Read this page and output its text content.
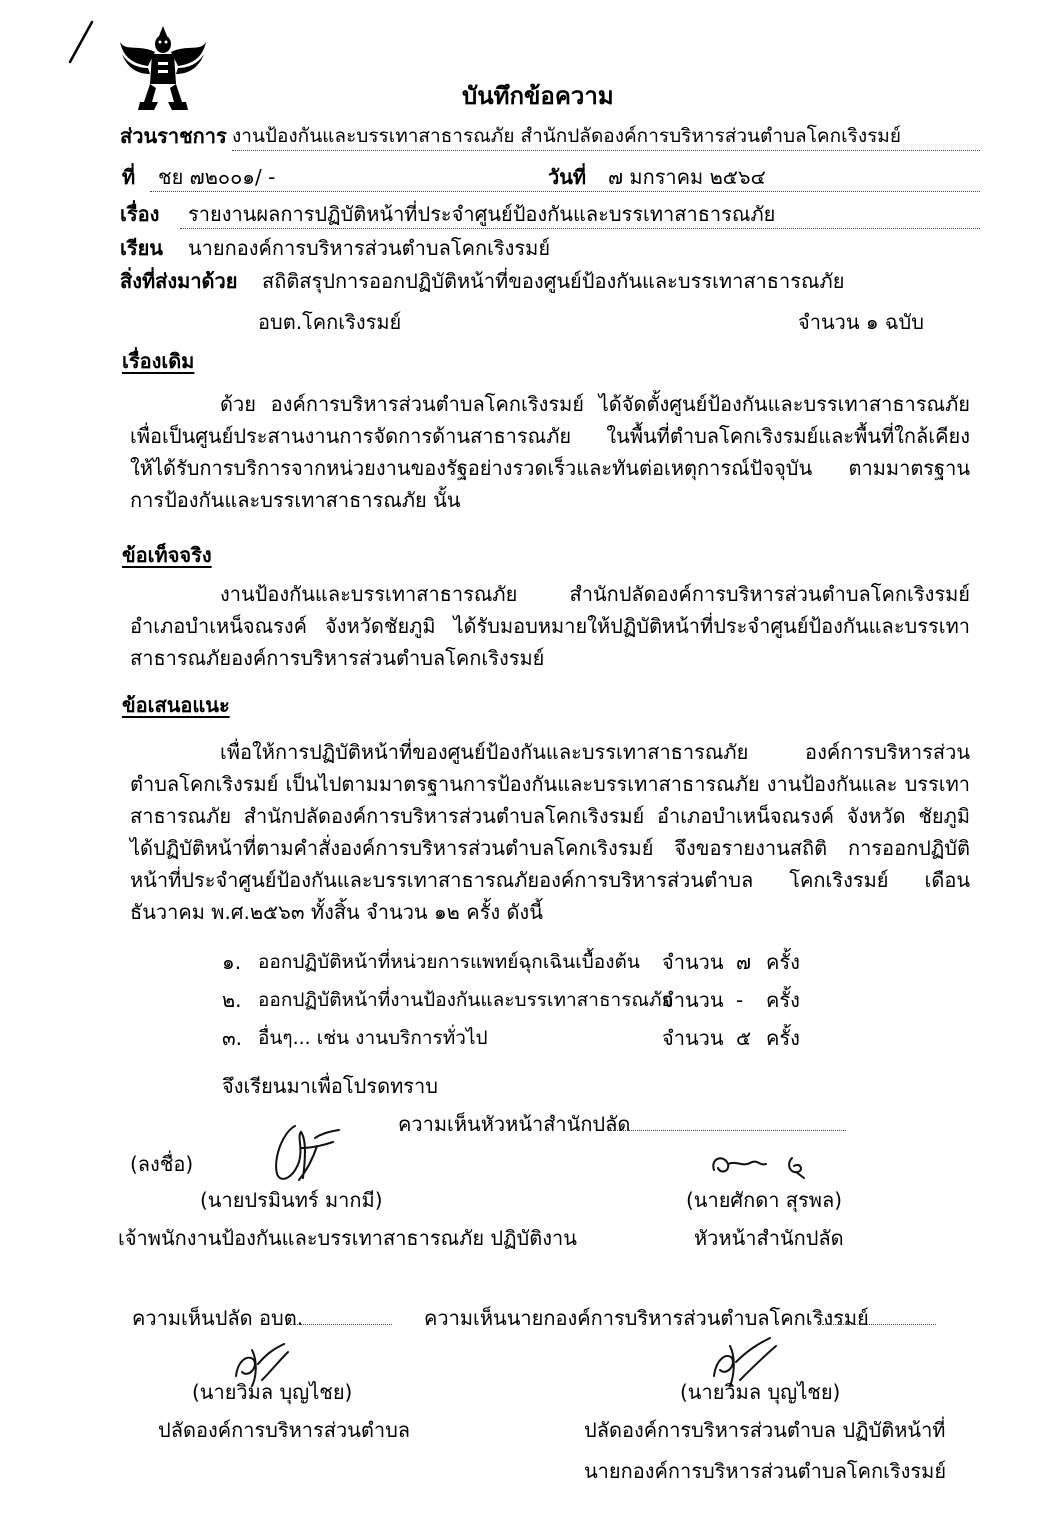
บันทึกข้อความ
ส่วนราชการ งานป้องกันและบรรเทาสาธารณภัย สำนักปลัดองค์การบริหารส่วนตำบลโคกเริงรมย์
ที่ ชย ๗๒๐๐๑/ -	วันที่ ๗ มกราคม ๒๕๖๔
เรื่อง รายงานผลการปฏิบัติหน้าที่ประจำศูนย์ป้องกันและบรรเทาสาธารณภัย
เรียน นายกองค์การบริหารส่วนตำบลโคกเริงรมย์
สิ่งที่ส่งมาด้วย สถิติสรุปการออกปฏิบัติหน้าที่ของศูนย์ป้องกันและบรรเทาสาธารณภัย
อบต.โคกเริงรมย์	จำนวน ๑ ฉบับ
เรื่องเดิม
ด้วย องค์การบริหารส่วนตำบลโคกเริงรมย์ ได้จัดตั้งศูนย์ป้องกันและบรรเทาสาธารณภัย เพื่อเป็นศูนย์ประสานงานการจัดการด้านสาธารณภัย ในพื้นที่ตำบลโคกเริงรมย์และพื้นที่ใกล้เคียง ให้ได้รับการบริการจากหน่วยงานของรัฐอย่างรวดเร็วและทันต่อเหตุการณ์ปัจจุบัน ตามมาตรฐาน การป้องกันและบรรเทาสาธารณภัย นั้น
ข้อเท็จจริง
งานป้องกันและบรรเทาสาธารณภัย สำนักปลัดองค์การบริหารส่วนตำบลโคกเริงรมย์ อำเภอบำเหน็จณรงค์ จังหวัดชัยภูมิ ได้รับมอบหมายให้ปฏิบัติหน้าที่ประจำศูนย์ป้องกันและบรรเทา สาธารณภัยองค์การบริหารส่วนตำบลโคกเริงรมย์
ข้อเสนอแนะ
เพื่อให้การปฏิบัติหน้าที่ของศูนย์ป้องกันและบรรเทาสาธารณภัย องค์การบริหารส่วน ตำบลโคกเริงรมย์ เป็นไปตามมาตรฐานการป้องกันและบรรเทาสาธารณภัย งานป้องกันและ บรรเทาสาธารณภัย สำนักปลัดองค์การบริหารส่วนตำบลโคกเริงรมย์ อำเภอบำเหน็จณรงค์ จังหวัด ชัยภูมิ ได้ปฏิบัติหน้าที่ตามคำสั่งองค์การบริหารส่วนตำบลโคกเริงรมย์ จึงขอรายงานสถิติ การออกปฏิบัติหน้าที่ประจำศูนย์ป้องกันและบรรเทาสาธารณภัยองค์การบริหารส่วนตำบล โคกเริงรมย์ เดือนธันวาคม พ.ศ.๒๕๖๓ ทั้งสิ้น จำนวน ๑๒ ครั้ง ดังนี้
๑. ออกปฏิบัติหน้าที่หน่วยการแพทย์ฉุกเฉินเบื้องต้น จำนวน ๗ ครั้ง
๒. ออกปฏิบัติหน้าที่งานป้องกันและบรรเทาสาธารณภัย
จำนวน - ครั้ง
๓. อื่นๆ... เช่น งานบริการทั่วไป	จำนวน ๕ ครั้ง
จึงเรียนมาเพื่อโปรดทราบ
ความเห็นหัวหน้าสำนักปลัด
(ลงชื่อ)
(นายปรมินทร์ มากมี)
เจ้าพนักงานป้องกันและบรรเทาสาธารณภัย ปฏิบัติงาน
(นายศักดา สุรพล)
หัวหน้าสำนักปลัด
ความเห็นปลัด อบต.	ความเห็นนายกองค์การบริหารส่วนตำบลโคกเริงรมย์
(นายวิมล บุญไชย)
ปลัดองค์การบริหารส่วนตำบล
(นายวิมล บุญไชย)
ปลัดองค์การบริหารส่วนตำบล ปฏิบัติหน้าที่
นายกองค์การบริหารส่วนตำบลโคกเริงรมย์
